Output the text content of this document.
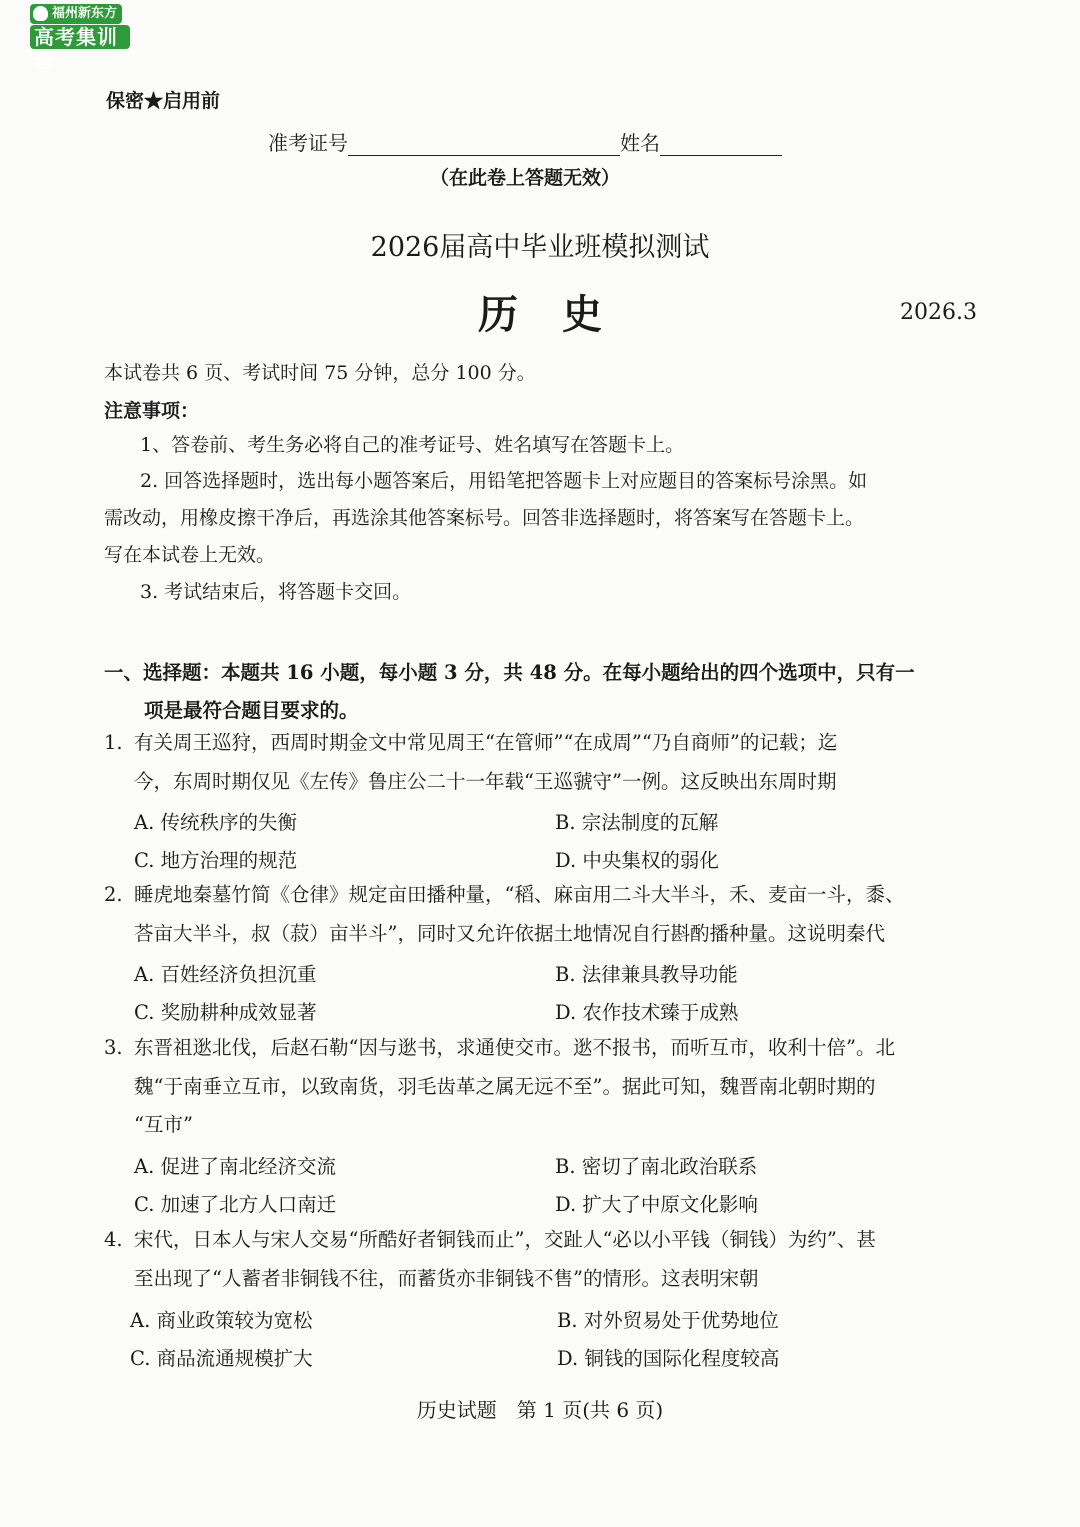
福州新东方
高考集训营
保密★启用前
准考证号	姓名
（在此卷上答题无效）
2026届高中毕业班模拟测试
历史	2026.3
本试卷共 6 页、考试时间 75 分钟，总分 100 分。
注意事项：
1、答卷前、考生务必将自己的准考证号、姓名填写在答题卡上。
2. 回答选择题时，选出每小题答案后，用铅笔把答题卡上对应题目的答案标号涂黑。如
需改动，用橡皮擦干净后，再选涂其他答案标号。回答非选择题时，将答案写在答题卡上。
写在本试卷上无效。
3. 考试结束后，将答题卡交回。
一、选择题：本题共 16 小题，每小题 3 分，共 48 分。在每小题给出的四个选项中，只有一
项是最符合题目要求的。
1. 有关周王巡狩，西周时期金文中常见周王“在管师”“在成周”“乃自商师”的记载；迄
今，东周时期仅见《左传》鲁庄公二十一年载“王巡虢守”一例。这反映出东周时期
A. 传统秩序的失衡	B. 宗法制度的瓦解
C. 地方治理的规范	D. 中央集权的弱化
2. 睡虎地秦墓竹简《仓律》规定亩田播种量，“稻、麻亩用二斗大半斗，禾、麦亩一斗，黍、
荅亩大半斗，叔（菽）亩半斗”，同时又允许依据土地情况自行斟酌播种量。这说明秦代
A. 百姓经济负担沉重	B. 法律兼具教导功能
C. 奖励耕种成效显著	D. 农作技术臻于成熟
3. 东晋祖逖北伐，后赵石勒“因与逖书，求通使交市。逖不报书，而听互市，收利十倍”。北
魏“于南垂立互市，以致南货，羽毛齿革之属无远不至”。据此可知，魏晋南北朝时期的
“互市”
A. 促进了南北经济交流	B. 密切了南北政治联系
C. 加速了北方人口南迁	D. 扩大了中原文化影响
4. 宋代，日本人与宋人交易“所酷好者铜钱而止”，交趾人“必以小平钱（铜钱）为约”、甚
至出现了“人蓄者非铜钱不往，而蓄货亦非铜钱不售”的情形。这表明宋朝
A. 商业政策较为宽松	B. 对外贸易处于优势地位
C. 商品流通规模扩大	D. 铜钱的国际化程度较高
历史试题　第 1 页(共 6 页)
